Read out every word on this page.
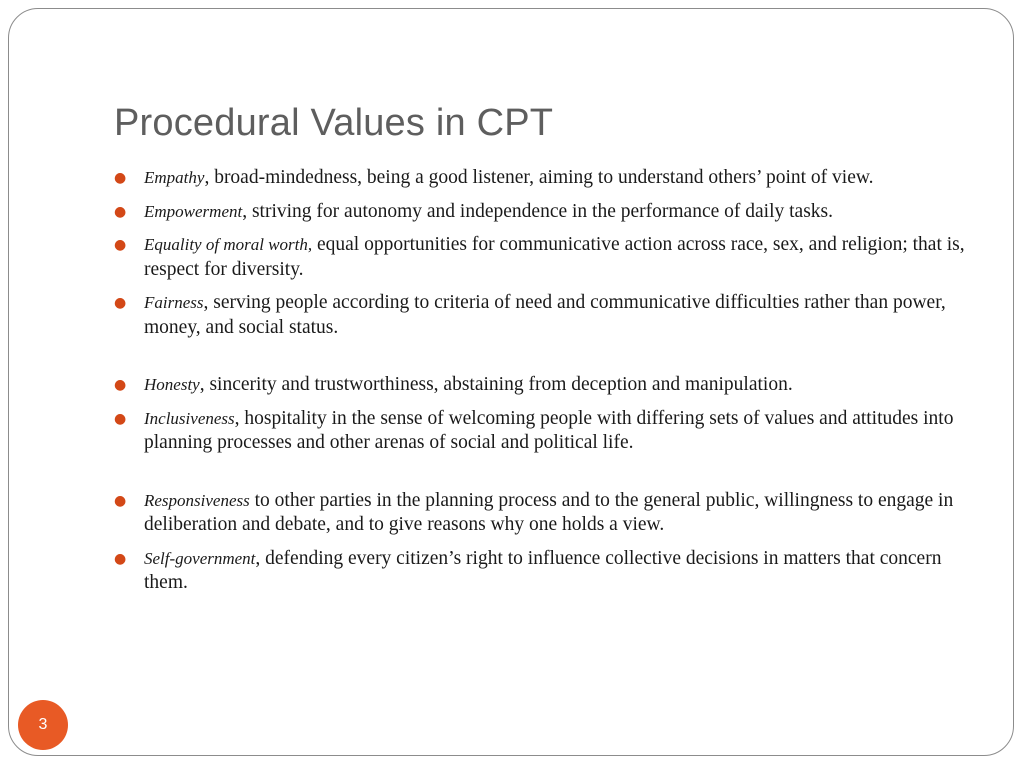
Procedural Values in CPT
● Empathy, broad-mindedness, being a good listener, aiming to understand others’ point of view.
● Empowerment, striving for autonomy and independence in the performance of daily tasks.
● Equality of moral worth, equal opportunities for communicative action across race, sex, and religion; that is, respect for diversity.
● Fairness, serving people according to criteria of need and communicative difficulties rather than power, money, and social status.
● Honesty, sincerity and trustworthiness, abstaining from deception and manipulation.
● Inclusiveness, hospitality in the sense of welcoming people with differing sets of values and attitudes into planning processes and other arenas of social and political life.
● Responsiveness to other parties in the planning process and to the general public, willingness to engage in deliberation and debate, and to give reasons why one holds a view.
● Self-government, defending every citizen’s right to influence collective decisions in matters that concern them.
3
